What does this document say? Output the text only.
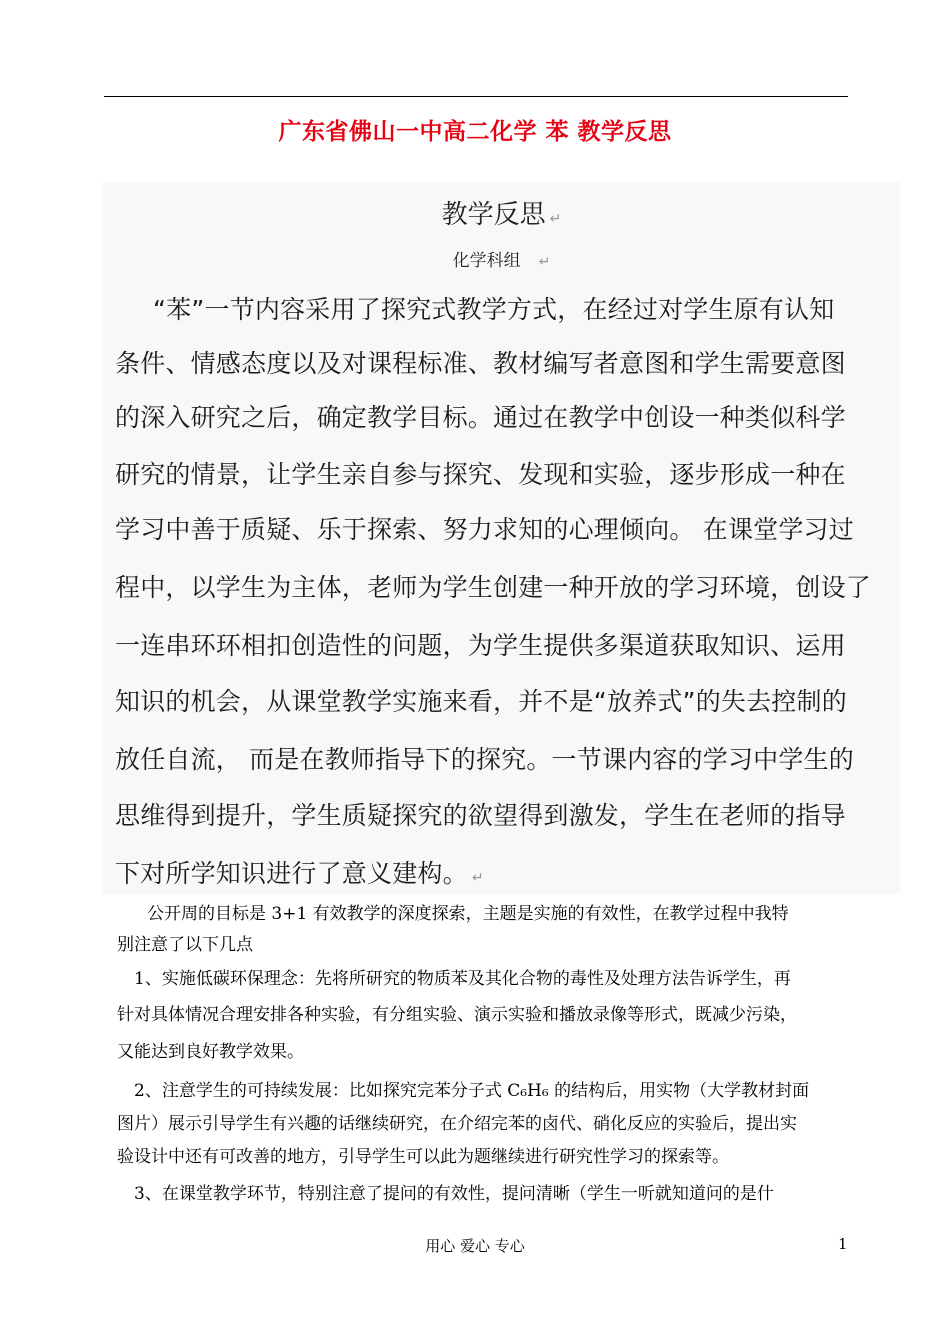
广东省佛山一中高二化学 苯 教学反思
教学反思 ↵
化学科组 ↵
“苯”一节内容采用了探究式教学方式，在经过对学生原有认知
条件、情感态度以及对课程标准、教材编写者意图和学生需要意图
的深入研究之后，确定教学目标。通过在教学中创设一种类似科学
研究的情景，让学生亲自参与探究、发现和实验，逐步形成一种在
学习中善于质疑、乐于探索、努力求知的心理倾向。 在课堂学习过
程中，以学生为主体，老师为学生创建一种开放的学习环境，创设了
一连串环环相扣创造性的问题，为学生提供多渠道获取知识、运用
知识的机会，从课堂教学实施来看，并不是“放养式”的失去控制的
放任自流， 而是在教师指导下的探究。一节课内容的学习中学生的
思维得到提升，学生质疑探究的欲望得到激发，学生在老师的指导
下对所学知识进行了意义建构。 ↵
公开周的目标是 3+1 有效教学的深度探索，主题是实施的有效性，在教学过程中我特
别注意了以下几点
1、实施低碳环保理念：先将所研究的物质苯及其化合物的毒性及处理方法告诉学生，再
针对具体情况合理安排各种实验，有分组实验、演示实验和播放录像等形式，既减少污染，
又能达到良好教学效果。
2、注意学生的可持续发展：比如探究完苯分子式 C₆H₆ 的结构后，用实物（大学教材封面
图片）展示引导学生有兴趣的话继续研究，在介绍完苯的卤代、硝化反应的实验后，提出实
验设计中还有可改善的地方，引导学生可以此为题继续进行研究性学习的探索等。
3、在课堂教学环节，特别注意了提问的有效性，提问清晰（学生一听就知道问的是什
用心 爱心 专心	1
